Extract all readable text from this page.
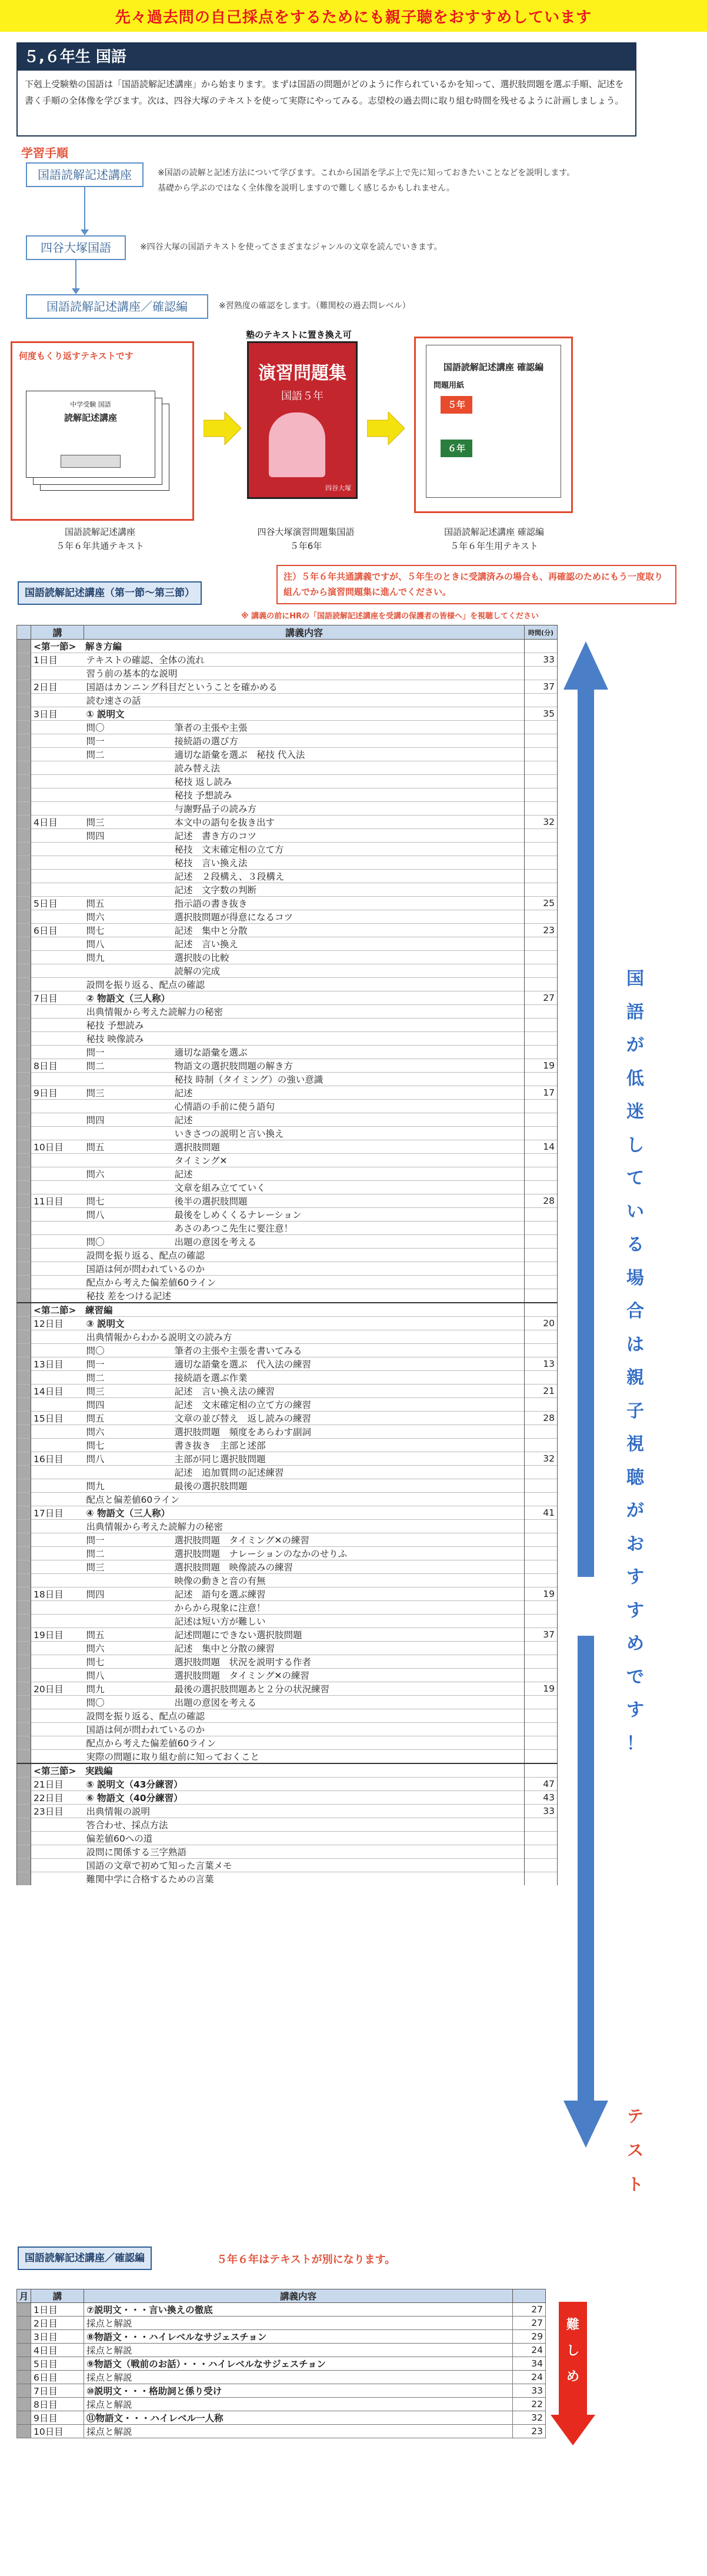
先々過去問の自己採点をするためにも親子聴をおすすめしています
５,６年生 国語
下剋上受験塾の国語は「国語読解記述講座」から始まります。まずは国語の問題がどのように作られているかを知って、選択肢問題を選ぶ手順、記述を書く手順の全体像を学びます。次は、四谷大塚のテキストを使って実際にやってみる。志望校の過去問に取り組む時間を残せるように計画しましょう。
学習手順
国語読解記述講座	※国語の読解と記述方法について学びます。これから国語を学ぶ上で先に知っておきたいことなどを説明します。基礎から学ぶのではなく全体像を説明しますので難しく感じるかもしれません。
四谷大塚国語	※四谷大塚の国語テキストを使ってさまざまなジャンルの文章を読んでいきます。
国語読解記述講座／確認編	※習熟度の確認をします。（難関校の過去問レベル）
塾のテキストに置き換え可
何度もくり返すテキストです
中学受験 国語
読解記述講座
演習問題集
国語５年
四谷大塚
国語読解記述講座 確認編
問題用紙
５年
６年
国語読解記述講座
５年６年共通テキスト
四谷大塚演習問題集国語
５年6年
国語読解記述講座 確認編
５年６年生用テキスト
国語読解記述講座（第一節〜第三節）
注）５年６年共通講義ですが、５年生のときに受講済みの場合も、再確認のためにもう一度取り組んでから演習問題集に進んでください。
※ 講義の前にHRの「国語読解記述講座を受講の保護者の皆様へ」を視聴してください
	講	講義内容		時間(分)
	<第一節>　解き方編			
	1日目	テキストの確認、全体の流れ		33
		習う前の基本的な説明		
	2日目	国語はカンニング科目だということを確かめる		37
		読む速さの話		
	3日目	① 説明文		35
		問〇	筆者の主張や主張	
		問一	接続語の選び方	
		問二	適切な語彙を選ぶ　秘技 代入法	
			読み替え法	
			秘技 返し読み	
			秘技 予想読み	
			与謝野晶子の読み方	
	4日目	問三	本文中の語句を抜き出す	32
		問四	記述　書き方のコツ	
			秘技　文末確定相の立て方	
			秘技　言い換え法	
			記述　２段構え、３段構え	
			記述　文字数の判断	
	5日目	問五	指示語の書き抜き	25
		問六	選択肢問題が得意になるコツ	
	6日目	問七	記述　集中と分散	23
		問八	記述　言い換え	
		問九	選択肢の比較	
			読解の完成	
		設問を振り返る、配点の確認		
	7日目	② 物語文（三人称）		27
		出典情報から考えた読解力の秘密		
		秘技 予想読み		
		秘技 映像読み		
		問一	適切な語彙を選ぶ	
	8日目	問二	物語文の選択肢問題の解き方	19
			秘技 時制（タイミング）の強い意識	
	9日目	問三	記述	17
			心情語の手前に使う語句	
		問四	記述	
			いきさつの説明と言い換え	
	10日目	問五	選択肢問題	14
			タイミング✕	
		問六	記述	
			文章を組み立てていく	
	11日目	問七	後半の選択肢問題	28
		問八	最後をしめくくるナレーション	
			あさのあつこ先生に要注意！	
		問〇	出題の意図を考える	
		設問を振り返る、配点の確認		
		国語は何が問われているのか		
		配点から考えた偏差値60ライン		
		秘技 差をつける記述		
	<第二節>　練習編			
	12日目	③ 説明文		20
		出典情報からわかる説明文の読み方		
		問〇	筆者の主張や主張を書いてみる	
	13日目	問一	適切な語彙を選ぶ　代入法の練習	13
		問二	接続語を選ぶ作業	
	14日目	問三	記述　言い換え法の練習	21
		問四	記述　文末確定相の立て方の練習	
	15日目	問五	文章の並び替え　返し読みの練習	28
		問六	選択肢問題　頻度をあらわす副詞	
		問七	書き抜き　主部と述部	
	16日目	問八	主部が同じ選択肢問題	32
			記述　追加質問の記述練習	
		問九	最後の選択肢問題	
		配点と偏差値60ライン		
	17日目	④ 物語文（三人称）		41
		出典情報から考えた読解力の秘密		
		問一	選択肢問題　タイミング✕の練習	
		問二	選択肢問題　ナレーションのなかのせりふ	
		問三	選択肢問題　映像読みの練習	
			映像の動きと音の有無	
	18日目	問四	記述　語句を選ぶ練習	19
			からから現象に注意！	
			記述は短い方が難しい	
	19日目	問五	記述問題にできない選択肢問題	37
		問六	記述　集中と分散の練習	
		問七	選択肢問題　状況を説明する作者	
		問八	選択肢問題　タイミング✕の練習	
	20日目	問九	最後の選択肢問題あと２分の状況練習	19
		問〇	出題の意図を考える	
		設問を振り返る、配点の確認		
		国語は何が問われているのか		
		配点から考えた偏差値60ライン		
		実際の問題に取り組む前に知っておくこと		
	<第三節>　実践編			
	21日目	⑤ 説明文（43分練習）		47
	22日目	⑥ 物語文（40分練習）		43
	23日目	出典情報の説明		33
		答合わせ、採点方法		
		偏差値60への道		
		設問に関係する三字熟語		
		国語の文章で初めて知った言葉メモ		
		難関中学に合格するための言葉		
国
語
が
低
迷
し
て
い
る
場
合
は
親
子
視
聴
が
お
す
す
め
で
す
！
テ
ス
ト
国語読解記述講座／確認編	５年６年はテキストが別になります。
月	講	講義内容	
	1日目	⑦説明文・・・言い換えの徹底	27
	2日目	採点と解説	27
	3日目	⑧物語文・・・ハイレベルなサジェスチョン	29
	4日目	採点と解説	24
	5日目	⑨物語文（戦前のお話）・・・ハイレベルなサジェスチョン	34
	6日目	採点と解説	24
	7日目	⑩説明文・・・格助詞と係り受け	33
	8日目	採点と解説	22
	9日目	⑪物語文・・・ハイレベル一人称	32
	10日目	採点と解説	23
難
し
め
